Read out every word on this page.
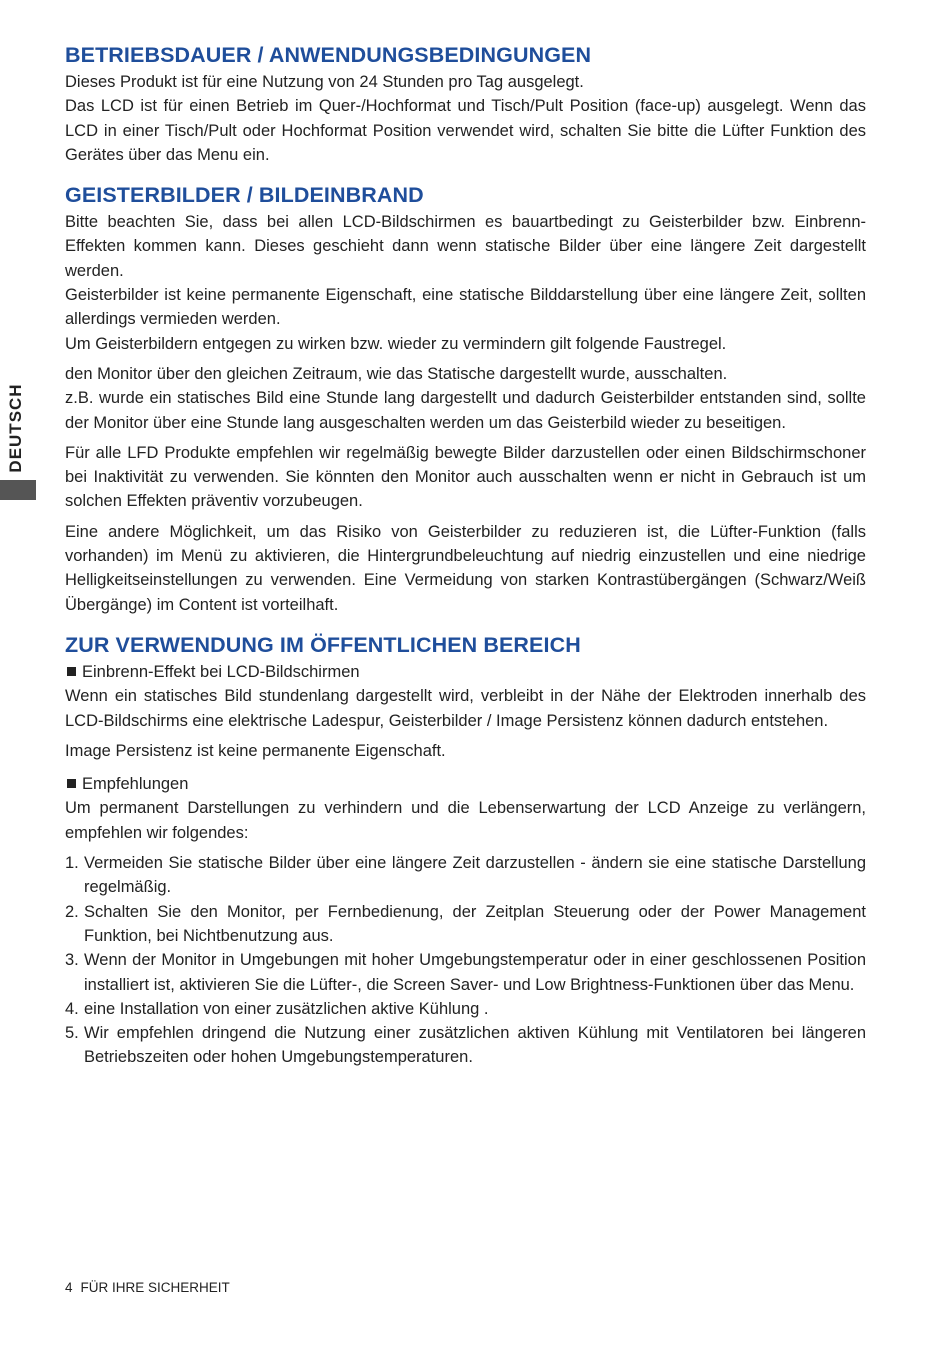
DEUTSCH
BETRIEBSDAUER / ANWENDUNGSBEDINGUNGEN

Dieses Produkt ist für eine Nutzung von 24 Stunden pro Tag ausgelegt.

Das LCD ist für einen Betrieb im Quer-/Hochformat und Tisch/Pult Position (face-up) ausgelegt. Wenn das LCD in einer Tisch/Pult oder Hochformat Position verwendet wird, schalten Sie bitte die Lüfter Funktion des Gerätes über das Menu ein.

GEISTERBILDER / BILDEINBRAND

Bitte beachten Sie, dass bei allen LCD-Bildschirmen es bauartbedingt zu Geisterbilder bzw. Einbrenn-Effekten kommen kann. Dieses geschieht dann wenn statische Bilder über eine längere Zeit dargestellt werden.

Geisterbilder ist keine permanente Eigenschaft, eine statische Bilddarstellung über eine längere Zeit, sollten allerdings vermieden werden.

Um Geisterbildern entgegen zu wirken bzw. wieder zu vermindern gilt folgende Faustregel.

den Monitor über den gleichen Zeitraum, wie das Statische dargestellt wurde, ausschalten.

z.B. wurde ein statisches Bild eine Stunde lang dargestellt und dadurch Geisterbilder entstanden sind, sollte der Monitor über eine Stunde lang ausgeschalten werden um das Geisterbild wieder zu beseitigen.

Für alle LFD Produkte empfehlen wir regelmäßig bewegte Bilder darzustellen oder einen Bildschirmschoner bei Inaktivität zu verwenden. Sie könnten den Monitor auch ausschalten wenn er nicht in Gebrauch ist um solchen Effekten präventiv vorzubeugen.

Eine andere Möglichkeit, um das Risiko von Geisterbilder zu reduzieren ist, die Lüfter-Funktion (falls vorhanden) im Menü zu aktivieren, die Hintergrundbeleuchtung auf niedrig einzustellen und eine niedrige Helligkeitseinstellungen zu verwenden. Eine Vermeidung von starken Kontrastübergängen (Schwarz/Weiß Übergänge) im Content ist vorteilhaft.

ZUR VERWENDUNG IM ÖFFENTLICHEN BEREICH
Einbrenn-Effekt bei LCD-Bildschirmen

Wenn ein statisches Bild stundenlang dargestellt wird, verbleibt in der Nähe der Elektroden innerhalb des LCD-Bildschirms eine elektrische Ladespur, Geisterbilder / Image Persistenz können dadurch entstehen.

Image Persistenz ist keine permanente Eigenschaft.

Empfehlungen

Um permanent Darstellungen zu verhindern und die Lebenserwartung der LCD Anzeige zu verlängern, empfehlen wir folgendes:

1. Vermeiden Sie statische Bilder über eine längere Zeit darzustellen - ändern sie eine statische Darstellung regelmäßig.
2. Schalten Sie den Monitor, per Fernbedienung, der Zeitplan Steuerung oder der Power Management Funktion, bei Nichtbenutzung aus.
3. Wenn der Monitor in Umgebungen mit hoher Umgebungstemperatur oder in einer geschlossenen Position installiert ist, aktivieren Sie die Lüfter-, die Screen Saver- und Low Brightness-Funktionen über das Menu.
4. eine Installation von einer zusätzlichen aktive Kühlung .
5. Wir empfehlen dringend die Nutzung einer zusätzlichen aktiven Kühlung mit Ventilatoren bei längeren Betriebszeiten oder hohen Umgebungstemperaturen.
4 FÜR IHRE SICHERHEIT
